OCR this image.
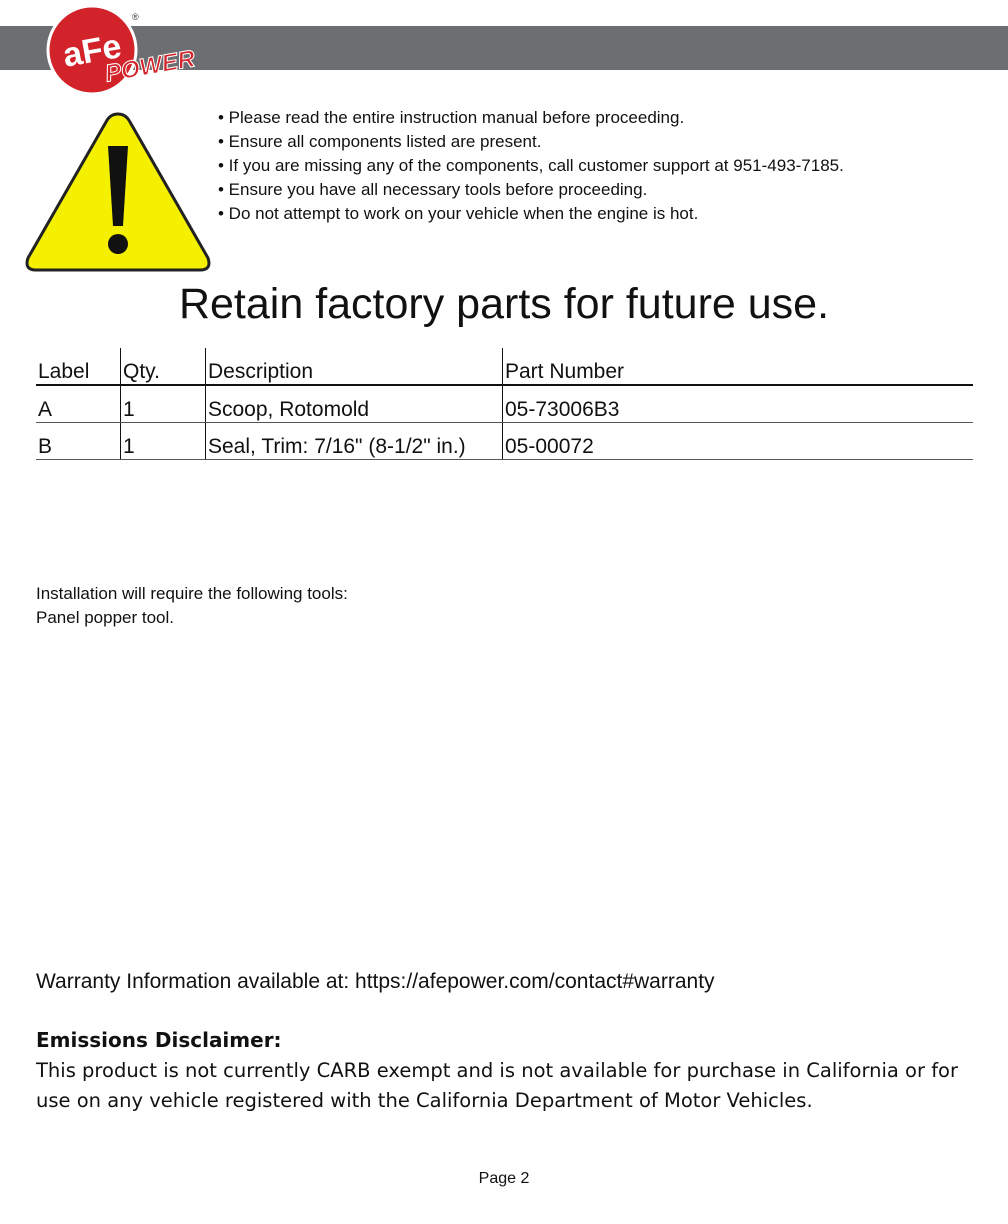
aFe
POWER
®
• Please read the entire instruction manual before proceeding.
• Ensure all components listed are present.
• If you are missing any of the components, call customer support at 951-493-7185.
• Ensure you have all necessary tools before proceeding.
• Do not attempt to work on your vehicle when the engine is hot.
Retain factory parts for future use.
Label	Qty.	Description	Part Number
A	1	Scoop, Rotomold	05-73006B3
B	1	Seal, Trim: 7/16" (8-1/2" in.)	05-00072
Installation will require the following tools:
Panel popper tool.
Warranty Information available at: https://afepower.com/contact#warranty
Emissions Disclaimer:
This product is not currently CARB exempt and is not available for purchase in California or for use on any vehicle registered with the California Department of Motor Vehicles.
Page 2
